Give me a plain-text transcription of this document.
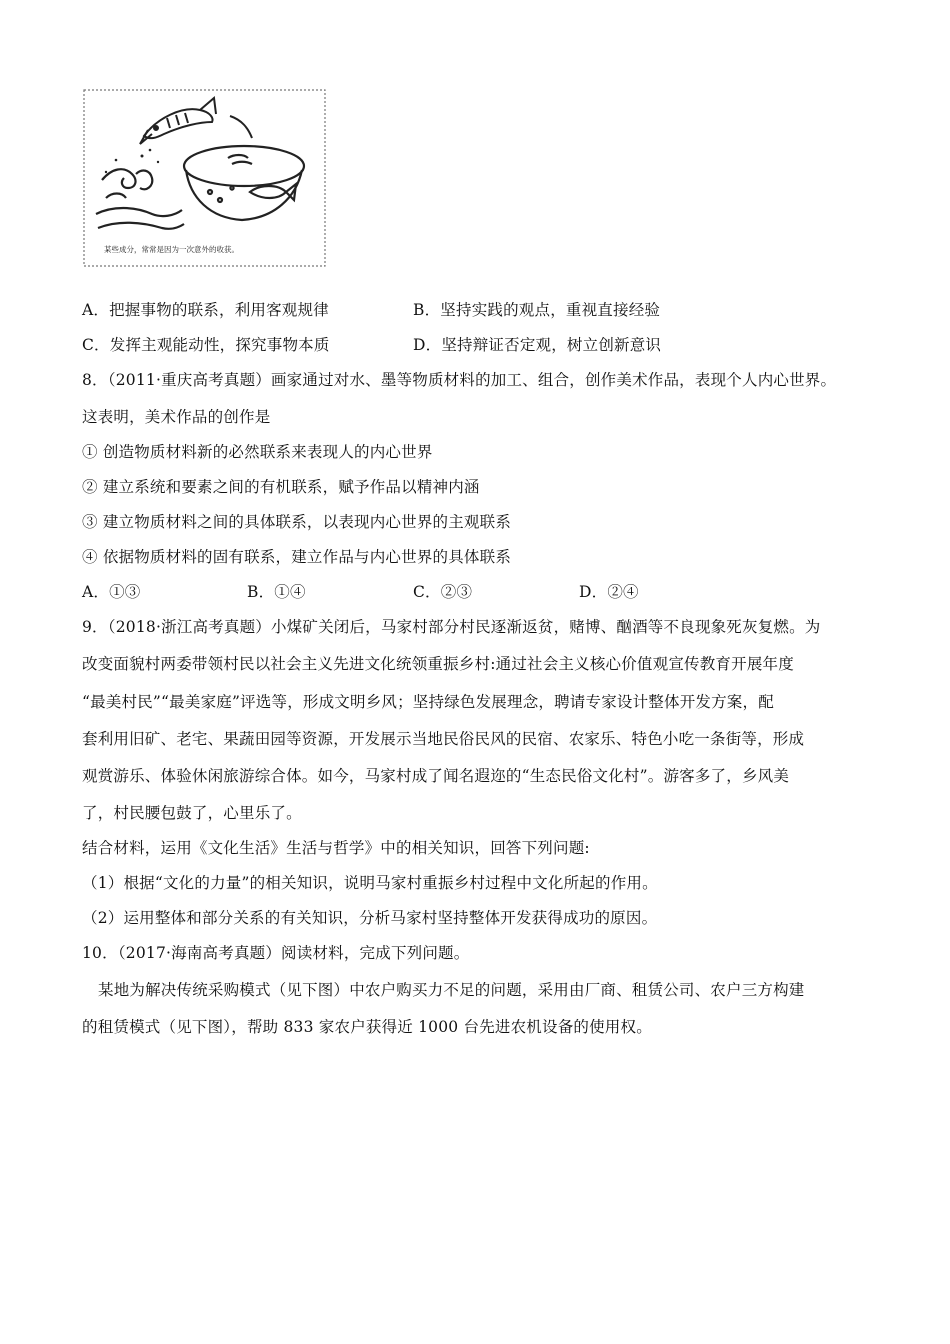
某些成分，常常是因为一次意外的收获。
A．把握事物的联系，利用客观规律	B．坚持实践的观点，重视直接经验
C．发挥主观能动性，探究事物本质	D．坚持辩证否定观，树立创新意识
8．（2011·重庆高考真题）画家通过对水、墨等物质材料的加工、组合，创作美术作品，表现个人内心世界。
这表明，美术作品的创作是
① 创造物质材料新的必然联系来表现人的内心世界
② 建立系统和要素之间的有机联系，赋予作品以精神内涵
③ 建立物质材料之间的具体联系，以表现内心世界的主观联系
④ 依据物质材料的固有联系，建立作品与内心世界的具体联系
A．①③	B．①④	C．②③	D．②④
9．（2018·浙江高考真题）小煤矿关闭后，马家村部分村民逐渐返贫，赌博、酗酒等不良现象死灰复燃。为
改变面貌村两委带领村民以社会主义先进文化统领重振乡村:通过社会主义核心价值观宣传教育开展年度
“最美村民”“最美家庭”评选等，形成文明乡风；坚持绿色发展理念，聘请专家设计整体开发方案，配
套利用旧矿、老宅、果蔬田园等资源，开发展示当地民俗民风的民宿、农家乐、特色小吃一条街等，形成
观赏游乐、体验休闲旅游综合体。如今，马家村成了闻名遐迩的“生态民俗文化村”。游客多了，乡风美
了，村民腰包鼓了，心里乐了。
结合材料，运用《文化生活》生活与哲学》中的相关知识，回答下列问题:
（1）根据“文化的力量”的相关知识，说明马家村重振乡村过程中文化所起的作用。
（2）运用整体和部分关系的有关知识，分析马家村坚持整体开发获得成功的原因。
10．（2017·海南高考真题）阅读材料，完成下列问题。
某地为解决传统采购模式（见下图）中农户购买力不足的问题，采用由厂商、租赁公司、农户三方构建
的租赁模式（见下图），帮助 833 家农户获得近 1000 台先进农机设备的使用权。
